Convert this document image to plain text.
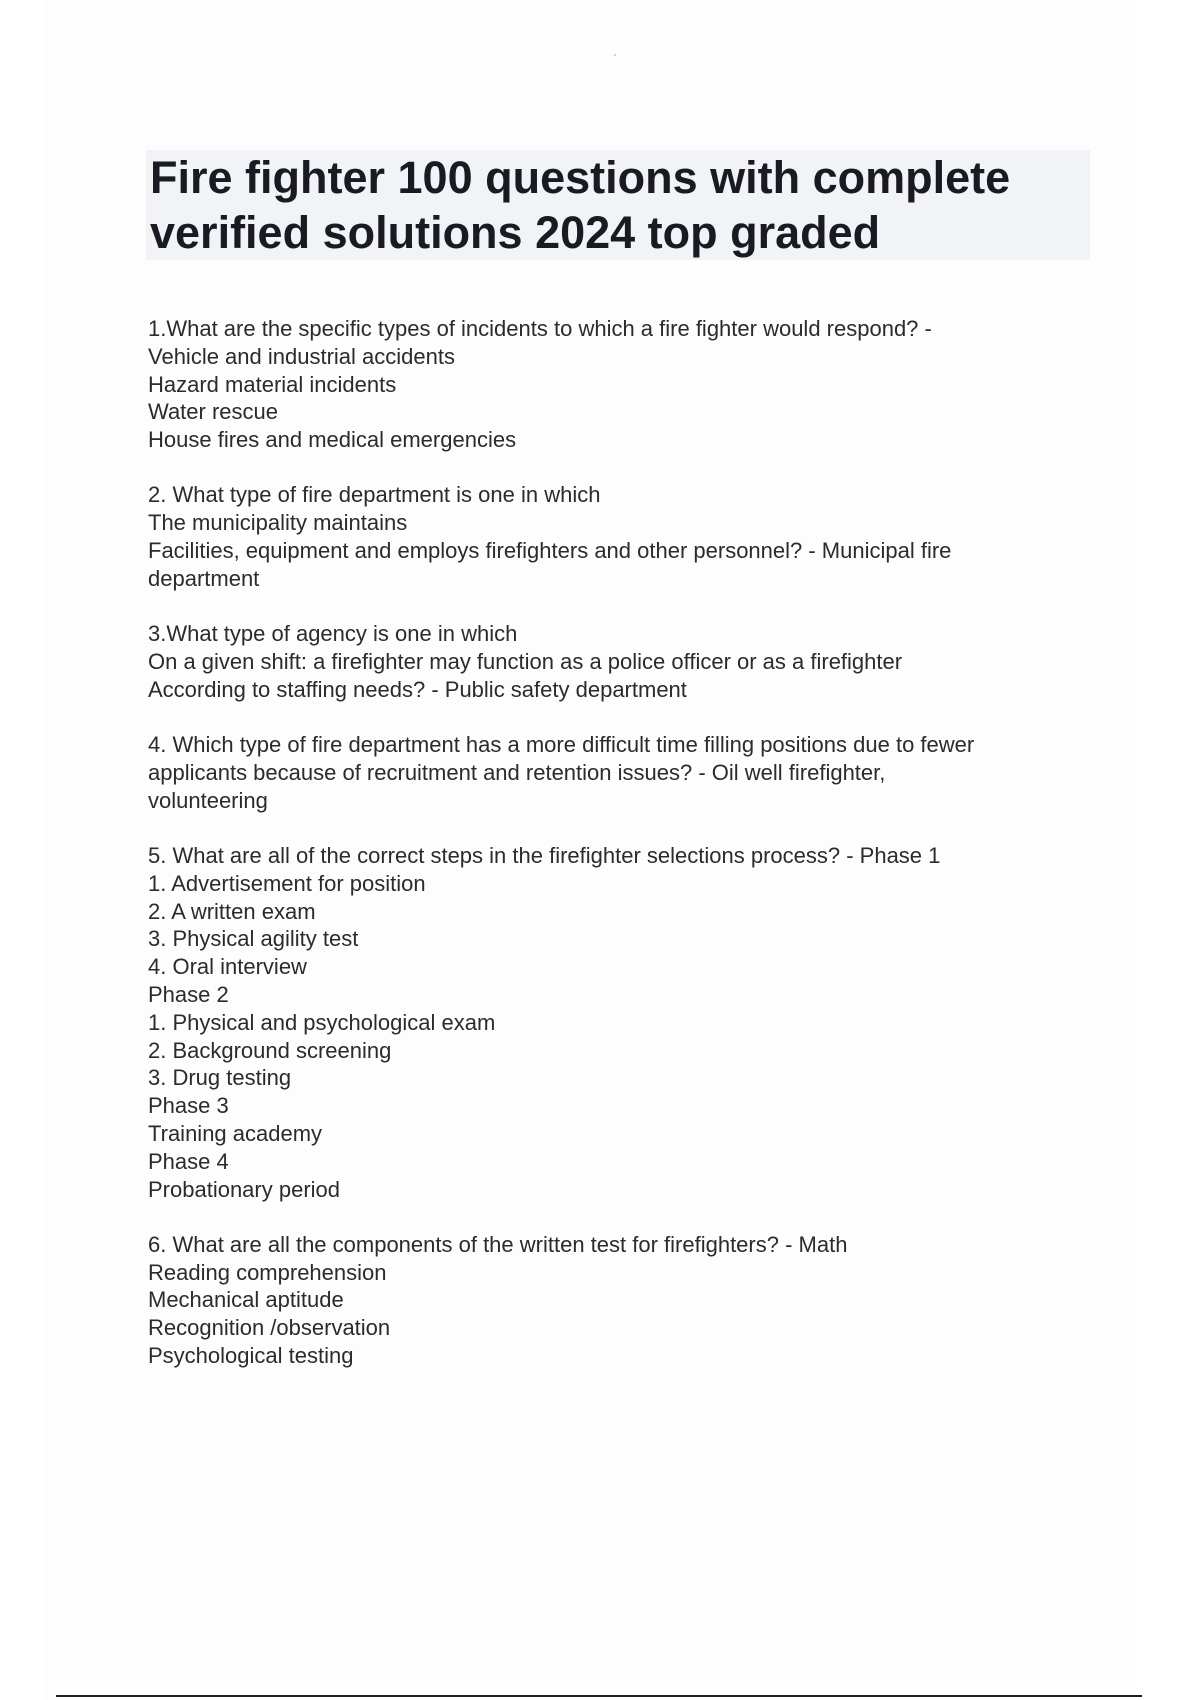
Fire fighter 100 questions with complete
verified solutions 2024 top graded
1.What are the specific types of incidents to which a fire fighter would respond? -
Vehicle and industrial accidents
Hazard material incidents
Water rescue
House fires and medical emergencies
2. What type of fire department is one in which
The municipality maintains
Facilities, equipment and employs firefighters and other personnel? - Municipal fire
department
3.What type of agency is one in which
On a given shift: a firefighter may function as a police officer or as a firefighter
According to staffing needs? - Public safety department
4. Which type of fire department has a more difficult time filling positions due to fewer
applicants because of recruitment and retention issues? - Oil well firefighter,
volunteering
5. What are all of the correct steps in the firefighter selections process? - Phase 1
1. Advertisement for position
2. A written exam
3. Physical agility test
4. Oral interview
Phase 2
1. Physical and psychological exam
2. Background screening
3. Drug testing
Phase 3
Training academy
Phase 4
Probationary period
6. What are all the components of the written test for firefighters? - Math
Reading comprehension
Mechanical aptitude
Recognition /observation
Psychological testing
